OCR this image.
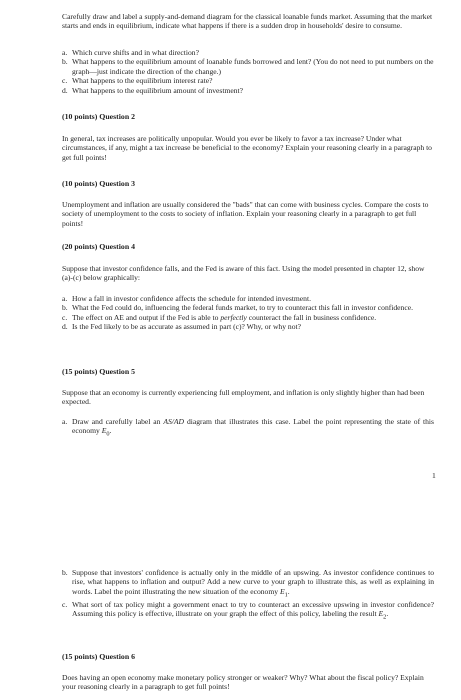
Carefully draw and label a supply-and-demand diagram for the classical loanable funds market. Assuming that the market starts and ends in equilibrium, indicate what happens if there is a sudden drop in households' desire to consume.

a. Which curve shifts and in what direction?
b. What happens to the equilibrium amount of loanable funds borrowed and lent? (You do not need to put numbers on the graph—just indicate the direction of the change.)
c. What happens to the equilibrium interest rate?
d. What happens to the equilibrium amount of investment?

(10 points) Question 2

In general, tax increases are politically unpopular. Would you ever be likely to favor a tax increase? Under what circumstances, if any, might a tax increase be beneficial to the economy? Explain your reasoning clearly in a paragraph to get full points!

(10 points) Question 3

Unemployment and inflation are usually considered the "bads" that can come with business cycles. Compare the costs to society of unemployment to the costs to society of inflation. Explain your reasoning clearly in a paragraph to get full points!

(20 points) Question 4

Suppose that investor confidence falls, and the Fed is aware of this fact. Using the model presented in chapter 12, show (a)-(c) below graphically:

a. How a fall in investor confidence affects the schedule for intended investment.
b. What the Fed could do, influencing the federal funds market, to try to counteract this fall in investor confidence.
c. The effect on AE and output if the Fed is able to perfectly counteract the fall in business confidence.
d. Is the Fed likely to be as accurate as assumed in part (c)? Why, or why not?

(15 points) Question 5

Suppose that an economy is currently experiencing full employment, and inflation is only slightly higher than had been expected.

a. Draw and carefully label an AS/AD diagram that illustrates this case. Label the point representing the state of this economy $E_0$.
1
b. Suppose that investors' confidence is actually only in the middle of an upswing. As investor confidence continues to rise, what happens to inflation and output? Add a new curve to your graph to illustrate this, as well as explaining in words. Label the point illustrating the new situation of the economy $E_1$.
c. What sort of tax policy might a government enact to try to counteract an excessive upswing in investor confidence? Assuming this policy is effective, illustrate on your graph the effect of this policy, labeling the result $E_2$.

(15 points) Question 6

Does having an open economy make monetary policy stronger or weaker? Why? What about the fiscal policy? Explain your reasoning clearly in a paragraph to get full points!
